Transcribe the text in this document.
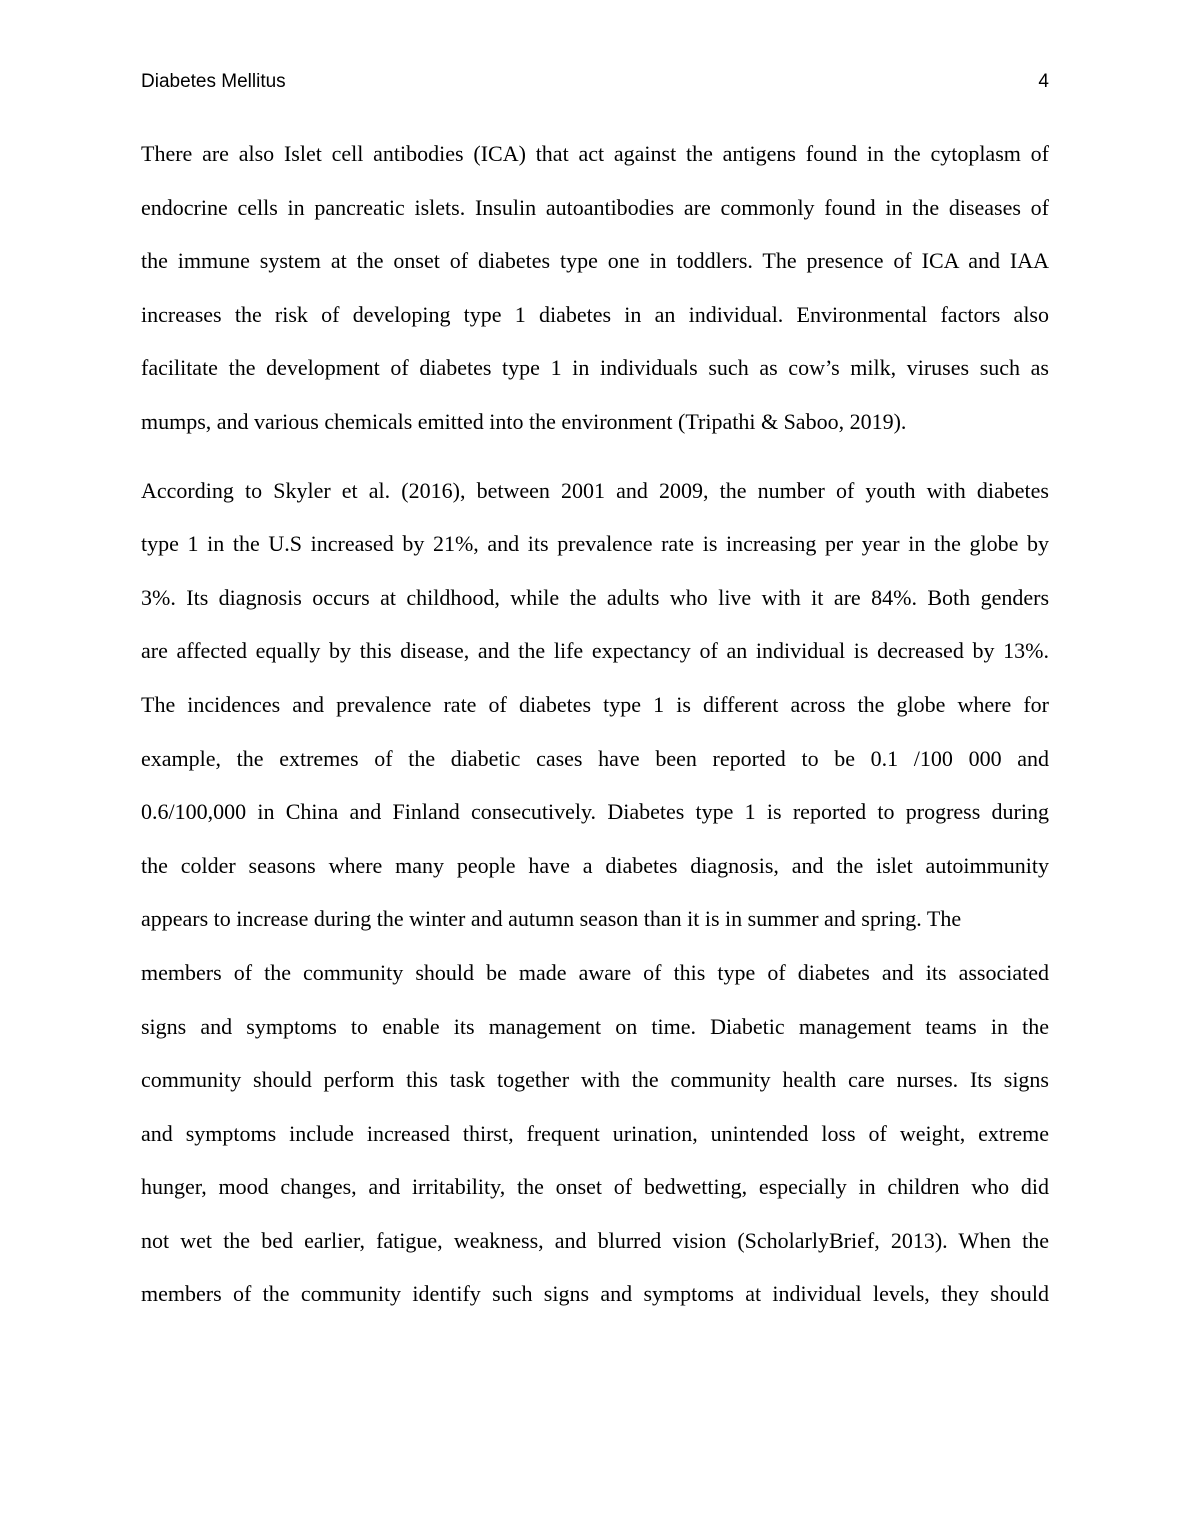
Diabetes Mellitus	4
There are also Islet cell antibodies (ICA) that act against the antigens found in the cytoplasm of
endocrine cells in pancreatic islets. Insulin autoantibodies are commonly found in the diseases of
the immune system at the onset of diabetes type one in toddlers. The presence of ICA and IAA
increases the risk of developing type 1 diabetes in an individual. Environmental factors also
facilitate the development of diabetes type 1 in individuals such as cow’s milk, viruses such as
mumps, and various chemicals emitted into the environment (Tripathi & Saboo, 2019).
According to Skyler et al. (2016), between 2001 and 2009, the number of youth with diabetes
type 1 in the U.S increased by 21%, and its prevalence rate is increasing per year in the globe by
3%. Its diagnosis occurs at childhood, while the adults who live with it are 84%. Both genders
are affected equally by this disease, and the life expectancy of an individual is decreased by 13%.
The incidences and prevalence rate of diabetes type 1 is different across the globe where for
example, the extremes of the diabetic cases have been reported to be 0.1 /100 000 and
0.6/100,000 in China and Finland consecutively. Diabetes type 1 is reported to progress during
the colder seasons where many people have a diabetes diagnosis, and the islet autoimmunity
appears to increase during the winter and autumn season than it is in summer and spring. The
members of the community should be made aware of this type of diabetes and its associated
signs and symptoms to enable its management on time. Diabetic management teams in the
community should perform this task together with the community health care nurses. Its signs
and symptoms include increased thirst, frequent urination, unintended loss of weight, extreme
hunger, mood changes, and irritability, the onset of bedwetting, especially in children who did
not wet the bed earlier, fatigue, weakness, and blurred vision (ScholarlyBrief, 2013). When the
members of the community identify such signs and symptoms at individual levels, they should
